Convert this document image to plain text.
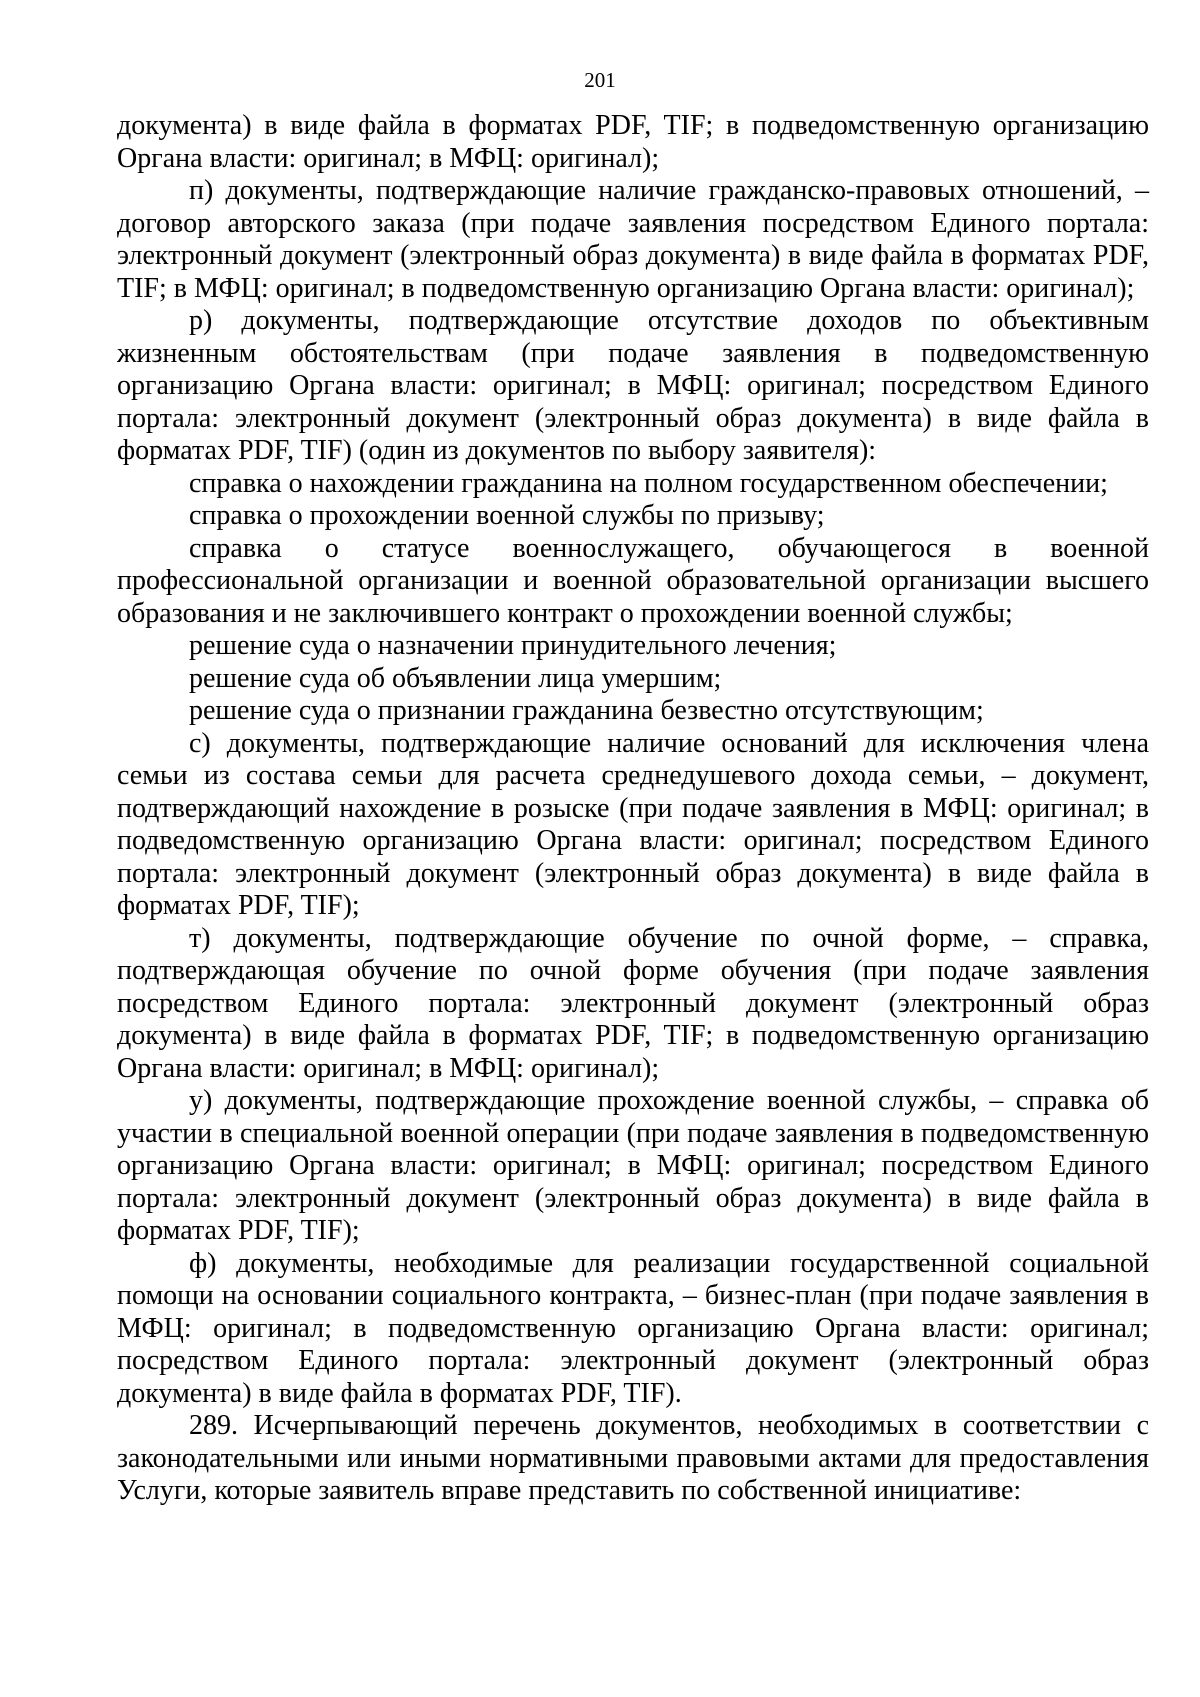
201

документа) в виде файла в форматах PDF, TIF; в подведомственную организацию Органа власти: оригинал; в МФЦ: оригинал);

п) документы, подтверждающие наличие гражданско-правовых отношений, – договор авторского заказа (при подаче заявления посредством Единого портала: электронный документ (электронный образ документа) в виде файла в форматах PDF, TIF; в МФЦ: оригинал; в подведомственную организацию Органа власти: оригинал);

р) документы, подтверждающие отсутствие доходов по объективным жизненным обстоятельствам (при подаче заявления в подведомственную организацию Органа власти: оригинал; в МФЦ: оригинал; посредством Единого портала: электронный документ (электронный образ документа) в виде файла в форматах PDF, TIF) (один из документов по выбору заявителя):

справка о нахождении гражданина на полном государственном обеспечении;

справка о прохождении военной службы по призыву;

справка о статусе военнослужащего, обучающегося в военной профессиональной организации и военной образовательной организации высшего образования и не заключившего контракт о прохождении военной службы;

решение суда о назначении принудительного лечения;

решение суда об объявлении лица умершим;

решение суда о признании гражданина безвестно отсутствующим;

с) документы, подтверждающие наличие оснований для исключения члена семьи из состава семьи для расчета среднедушевого дохода семьи, – документ, подтверждающий нахождение в розыске (при подаче заявления в МФЦ: оригинал; в подведомственную организацию Органа власти: оригинал; посредством Единого портала: электронный документ (электронный образ документа) в виде файла в форматах PDF, TIF);

т) документы, подтверждающие обучение по очной форме, – справка, подтверждающая обучение по очной форме обучения (при подаче заявления посредством Единого портала: электронный документ (электронный образ документа) в виде файла в форматах PDF, TIF; в подведомственную организацию Органа власти: оригинал; в МФЦ: оригинал);

у) документы, подтверждающие прохождение военной службы, – справка об участии в специальной военной операции (при подаче заявления в подведомственную организацию Органа власти: оригинал; в МФЦ: оригинал; посредством Единого портала: электронный документ (электронный образ документа) в виде файла в форматах PDF, TIF);

ф) документы, необходимые для реализации государственной социальной помощи на основании социального контракта, – бизнес-план (при подаче заявления в МФЦ: оригинал; в подведомственную организацию Органа власти: оригинал; посредством Единого портала: электронный документ (электронный образ документа) в виде файла в форматах PDF, TIF).

289. Исчерпывающий перечень документов, необходимых в соответствии с законодательными или иными нормативными правовыми актами для предоставления Услуги, которые заявитель вправе представить по собственной инициативе:
